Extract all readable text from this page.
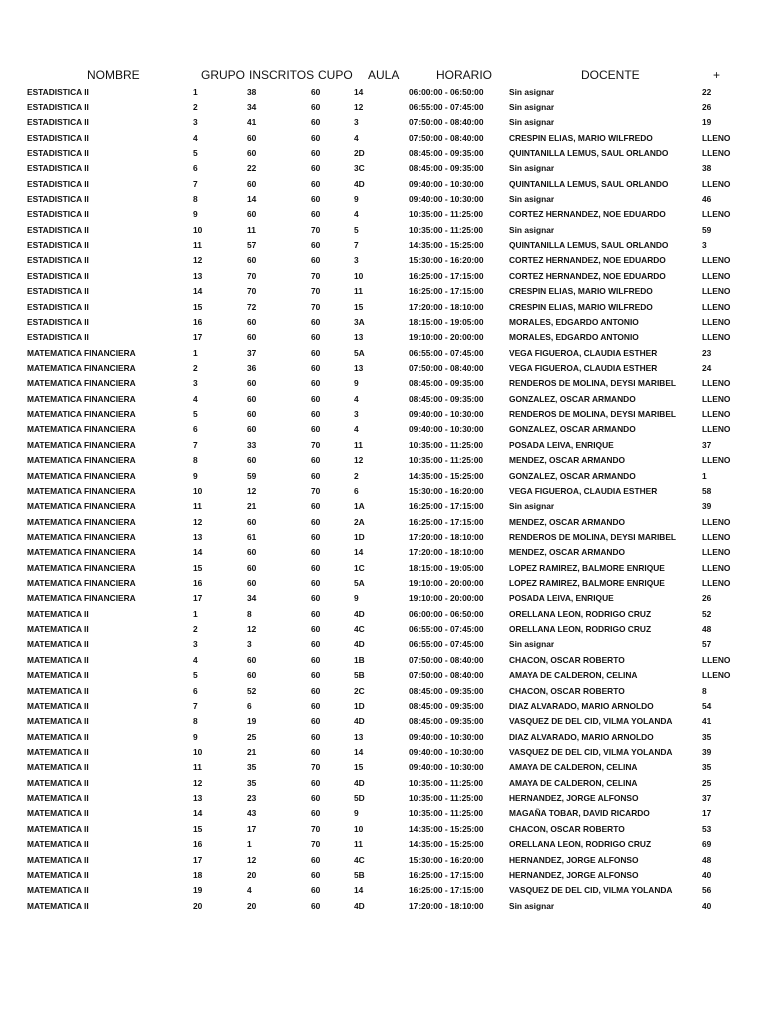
NOMBRE	GRUPO INSCRITOS CUPO AULA	HORARIO	DOCENTE	+
ESTADISTICA II	1	38	60	14	06:00:00 - 06:50:00	Sin asignar	22
ESTADISTICA II	2	34	60	12	06:55:00 - 07:45:00	Sin asignar	26
ESTADISTICA II	3	41	60	3	07:50:00 - 08:40:00	Sin asignar	19
ESTADISTICA II	4	60	60	4	07:50:00 - 08:40:00	CRESPIN ELIAS, MARIO WILFREDO	LLENO
ESTADISTICA II	5	60	60	2D	08:45:00 - 09:35:00	QUINTANILLA LEMUS, SAUL ORLANDO	LLENO
ESTADISTICA II	6	22	60	3C	08:45:00 - 09:35:00	Sin asignar	38
ESTADISTICA II	7	60	60	4D	09:40:00 - 10:30:00	QUINTANILLA LEMUS, SAUL ORLANDO	LLENO
ESTADISTICA II	8	14	60	9	09:40:00 - 10:30:00	Sin asignar	46
ESTADISTICA II	9	60	60	4	10:35:00 - 11:25:00	CORTEZ HERNANDEZ, NOE EDUARDO	LLENO
ESTADISTICA II	10	11	70	5	10:35:00 - 11:25:00	Sin asignar	59
ESTADISTICA II	11	57	60	7	14:35:00 - 15:25:00	QUINTANILLA LEMUS, SAUL ORLANDO	3
ESTADISTICA II	12	60	60	3	15:30:00 - 16:20:00	CORTEZ HERNANDEZ, NOE EDUARDO	LLENO
ESTADISTICA II	13	70	70	10	16:25:00 - 17:15:00	CORTEZ HERNANDEZ, NOE EDUARDO	LLENO
ESTADISTICA II	14	70	70	11	16:25:00 - 17:15:00	CRESPIN ELIAS, MARIO WILFREDO	LLENO
ESTADISTICA II	15	72	70	15	17:20:00 - 18:10:00	CRESPIN ELIAS, MARIO WILFREDO	LLENO
ESTADISTICA II	16	60	60	3A	18:15:00 - 19:05:00	MORALES, EDGARDO ANTONIO	LLENO
ESTADISTICA II	17	60	60	13	19:10:00 - 20:00:00	MORALES, EDGARDO ANTONIO	LLENO
MATEMATICA FINANCIERA	1	37	60	5A	06:55:00 - 07:45:00	VEGA FIGUEROA, CLAUDIA ESTHER	23
MATEMATICA FINANCIERA	2	36	60	13	07:50:00 - 08:40:00	VEGA FIGUEROA, CLAUDIA ESTHER	24
MATEMATICA FINANCIERA	3	60	60	9	08:45:00 - 09:35:00	RENDEROS DE MOLINA, DEYSI MARIBEL	LLENO
MATEMATICA FINANCIERA	4	60	60	4	08:45:00 - 09:35:00	GONZALEZ, OSCAR ARMANDO	LLENO
MATEMATICA FINANCIERA	5	60	60	3	09:40:00 - 10:30:00	RENDEROS DE MOLINA, DEYSI MARIBEL	LLENO
MATEMATICA FINANCIERA	6	60	60	4	09:40:00 - 10:30:00	GONZALEZ, OSCAR ARMANDO	LLENO
MATEMATICA FINANCIERA	7	33	70	11	10:35:00 - 11:25:00	POSADA LEIVA, ENRIQUE	37
MATEMATICA FINANCIERA	8	60	60	12	10:35:00 - 11:25:00	MENDEZ, OSCAR ARMANDO	LLENO
MATEMATICA FINANCIERA	9	59	60	2	14:35:00 - 15:25:00	GONZALEZ, OSCAR ARMANDO	1
MATEMATICA FINANCIERA	10	12	70	6	15:30:00 - 16:20:00	VEGA FIGUEROA, CLAUDIA ESTHER	58
MATEMATICA FINANCIERA	11	21	60	1A	16:25:00 - 17:15:00	Sin asignar	39
MATEMATICA FINANCIERA	12	60	60	2A	16:25:00 - 17:15:00	MENDEZ, OSCAR ARMANDO	LLENO
MATEMATICA FINANCIERA	13	61	60	1D	17:20:00 - 18:10:00	RENDEROS DE MOLINA, DEYSI MARIBEL	LLENO
MATEMATICA FINANCIERA	14	60	60	14	17:20:00 - 18:10:00	MENDEZ, OSCAR ARMANDO	LLENO
MATEMATICA FINANCIERA	15	60	60	1C	18:15:00 - 19:05:00	LOPEZ RAMIREZ, BALMORE ENRIQUE	LLENO
MATEMATICA FINANCIERA	16	60	60	5A	19:10:00 - 20:00:00	LOPEZ RAMIREZ, BALMORE ENRIQUE	LLENO
MATEMATICA FINANCIERA	17	34	60	9	19:10:00 - 20:00:00	POSADA LEIVA, ENRIQUE	26
MATEMATICA II	1	8	60	4D	06:00:00 - 06:50:00	ORELLANA LEON, RODRIGO CRUZ	52
MATEMATICA II	2	12	60	4C	06:55:00 - 07:45:00	ORELLANA LEON, RODRIGO CRUZ	48
MATEMATICA II	3	3	60	4D	06:55:00 - 07:45:00	Sin asignar	57
MATEMATICA II	4	60	60	1B	07:50:00 - 08:40:00	CHACON, OSCAR ROBERTO	LLENO
MATEMATICA II	5	60	60	5B	07:50:00 - 08:40:00	AMAYA DE CALDERON, CELINA	LLENO
MATEMATICA II	6	52	60	2C	08:45:00 - 09:35:00	CHACON, OSCAR ROBERTO	8
MATEMATICA II	7	6	60	1D	08:45:00 - 09:35:00	DIAZ ALVARADO, MARIO ARNOLDO	54
MATEMATICA II	8	19	60	4D	08:45:00 - 09:35:00	VASQUEZ DE DEL CID, VILMA YOLANDA	41
MATEMATICA II	9	25	60	13	09:40:00 - 10:30:00	DIAZ ALVARADO, MARIO ARNOLDO	35
MATEMATICA II	10	21	60	14	09:40:00 - 10:30:00	VASQUEZ DE DEL CID, VILMA YOLANDA	39
MATEMATICA II	11	35	70	15	09:40:00 - 10:30:00	AMAYA DE CALDERON, CELINA	35
MATEMATICA II	12	35	60	4D	10:35:00 - 11:25:00	AMAYA DE CALDERON, CELINA	25
MATEMATICA II	13	23	60	5D	10:35:00 - 11:25:00	HERNANDEZ, JORGE ALFONSO	37
MATEMATICA II	14	43	60	9	10:35:00 - 11:25:00	MAGAÑA TOBAR, DAVID RICARDO	17
MATEMATICA II	15	17	70	10	14:35:00 - 15:25:00	CHACON, OSCAR ROBERTO	53
MATEMATICA II	16	1	70	11	14:35:00 - 15:25:00	ORELLANA LEON, RODRIGO CRUZ	69
MATEMATICA II	17	12	60	4C	15:30:00 - 16:20:00	HERNANDEZ, JORGE ALFONSO	48
MATEMATICA II	18	20	60	5B	16:25:00 - 17:15:00	HERNANDEZ, JORGE ALFONSO	40
MATEMATICA II	19	4	60	14	16:25:00 - 17:15:00	VASQUEZ DE DEL CID, VILMA YOLANDA	56
MATEMATICA II	20	20	60	4D	17:20:00 - 18:10:00	Sin asignar	40
